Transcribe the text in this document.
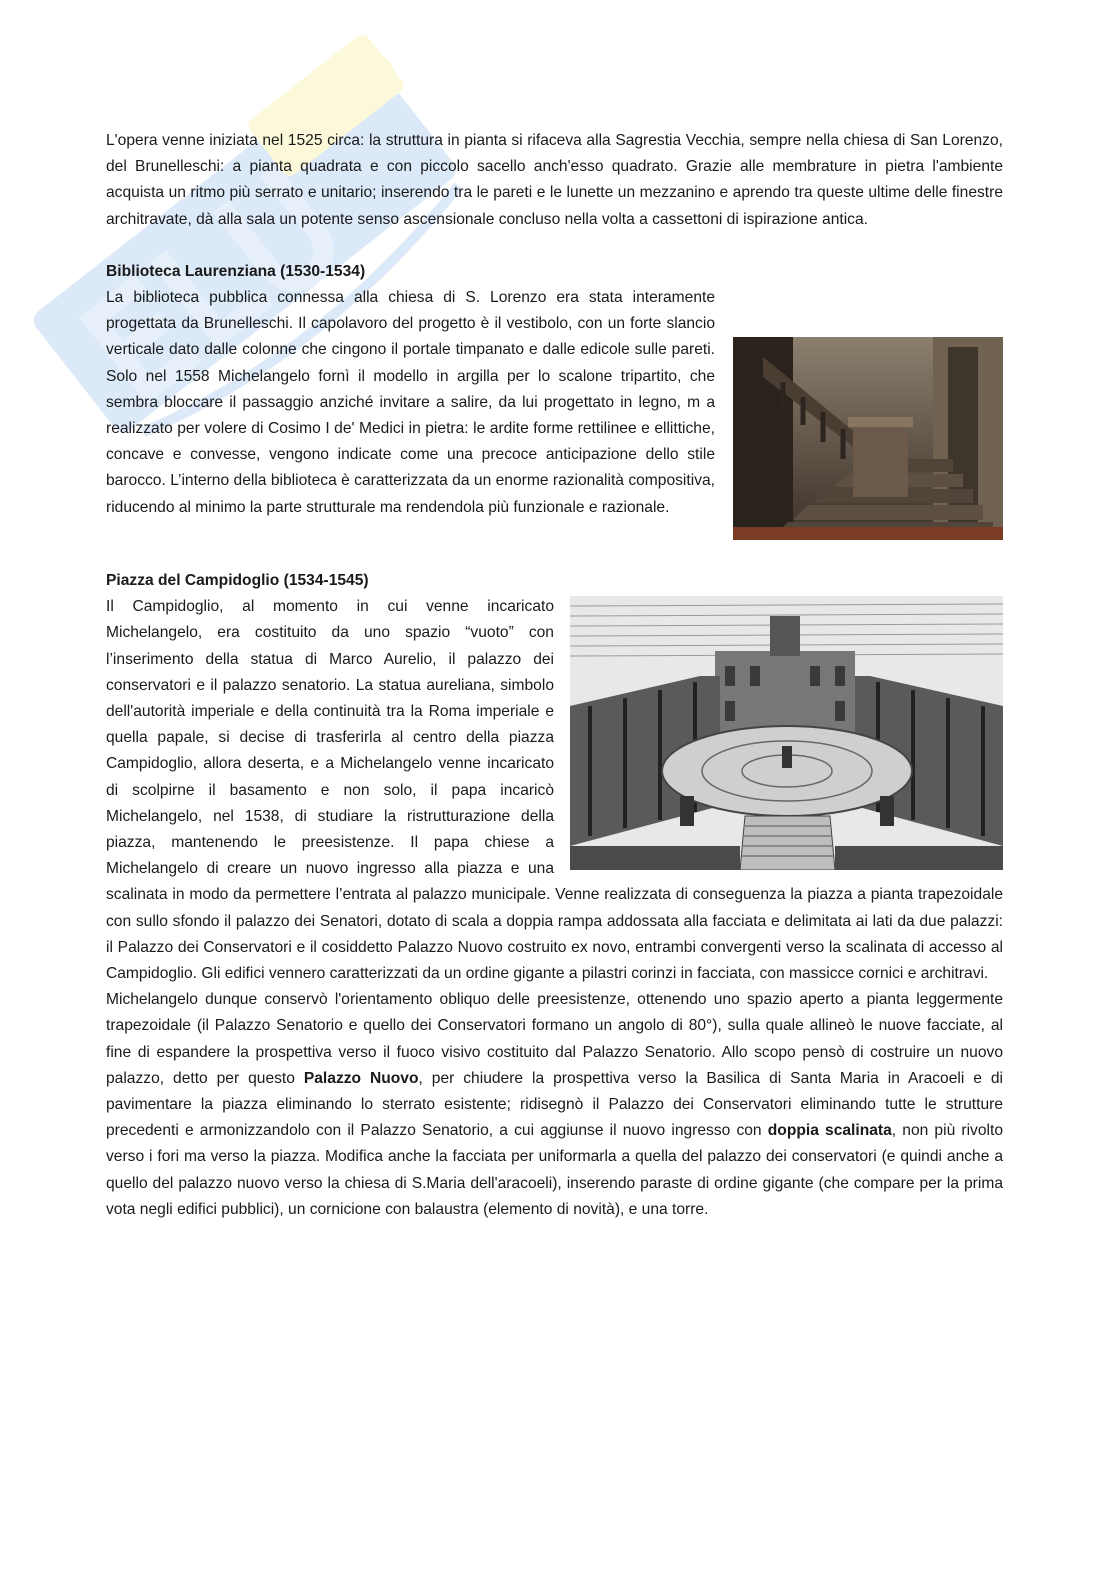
L'opera venne iniziata nel 1525 circa: la struttura in pianta si rifaceva alla Sagrestia Vecchia, sempre nella chiesa di San Lorenzo, del Brunelleschi: a pianta quadrata e con piccolo sacello anch'esso quadrato. Grazie alle membrature in pietra l'ambiente acquista un ritmo più serrato e unitario; inserendo tra le pareti e le lunette un mezzanino e aprendo tra queste ultime delle finestre architravate, dà alla sala un potente senso ascensionale concluso nella volta a cassettoni di ispirazione antica.

Biblioteca Laurenziana (1530-1534)

La biblioteca pubblica connessa alla chiesa di S. Lorenzo era stata interamente progettata da Brunelleschi. Il capolavoro del progetto è il vestibolo, con un forte slancio verticale dato dalle colonne che cingono il portale timpanato e dalle edicole sulle pareti. Solo nel 1558 Michelangelo fornì il modello in argilla per lo scalone tripartito, che sembra bloccare il passaggio anziché invitare a salire, da lui progettato in legno, m a realizzato per volere di Cosimo I de' Medici in pietra: le ardite forme rettilinee e ellittiche, concave e convesse, vengono indicate come una precoce anticipazione dello stile barocco. L’interno della biblioteca è caratterizzata da un enorme razionalità compositiva, riducendo al minimo la parte strutturale ma rendendola più funzionale e razionale.

Piazza del Campidoglio (1534-1545)

Il Campidoglio, al momento in cui venne incaricato Michelangelo, era costituito da uno spazio “vuoto” con l’inserimento della statua di Marco Aurelio, il palazzo dei conservatori e il palazzo senatorio. La statua aureliana, simbolo dell'autorità imperiale e della continuità tra la Roma imperiale e quella papale, si decise di trasferirla al centro della piazza Campidoglio, allora deserta, e a Michelangelo venne incaricato di scolpirne il basamento e non solo, il papa incaricò Michelangelo, nel 1538, di studiare la ristrutturazione della piazza, mantenendo le preesistenze. Il papa chiese a Michelangelo di creare un nuovo ingresso alla piazza e una scalinata in modo da permettere l’entrata al palazzo municipale. Venne realizzata di conseguenza la piazza a pianta trapezoidale con sullo sfondo il palazzo dei Senatori, dotato di scala a doppia rampa addossata alla facciata e delimitata ai lati da due palazzi: il Palazzo dei Conservatori e il cosiddetto Palazzo Nuovo costruito ex novo, entrambi convergenti verso la scalinata di accesso al Campidoglio. Gli edifici vennero caratterizzati da un ordine gigante a pilastri corinzi in facciata, con massicce cornici e architravi.

Michelangelo dunque conservò l'orientamento obliquo delle preesistenze, ottenendo uno spazio aperto a pianta leggermente trapezoidale (il Palazzo Senatorio e quello dei Conservatori formano un angolo di 80°), sulla quale allineò le nuove facciate, al fine di espandere la prospettiva verso il fuoco visivo costituito dal Palazzo Senatorio. Allo scopo pensò di costruire un nuovo palazzo, detto per questo Palazzo Nuovo, per chiudere la prospettiva verso la Basilica di Santa Maria in Aracoeli e di pavimentare la piazza eliminando lo sterrato esistente; ridisegnò il Palazzo dei Conservatori eliminando tutte le strutture precedenti e armonizzandolo con il Palazzo Senatorio, a cui aggiunse il nuovo ingresso con doppia scalinata, non più rivolto verso i fori ma verso la piazza. Modifica anche la facciata per uniformarla a quella del palazzo dei conservatori (e quindi anche a quello del palazzo nuovo verso la chiesa di S.Maria dell'aracoeli), inserendo paraste di ordine gigante (che compare per la prima vota negli edifici pubblici), un cornicione con balaustra (elemento di novità), e una torre.
